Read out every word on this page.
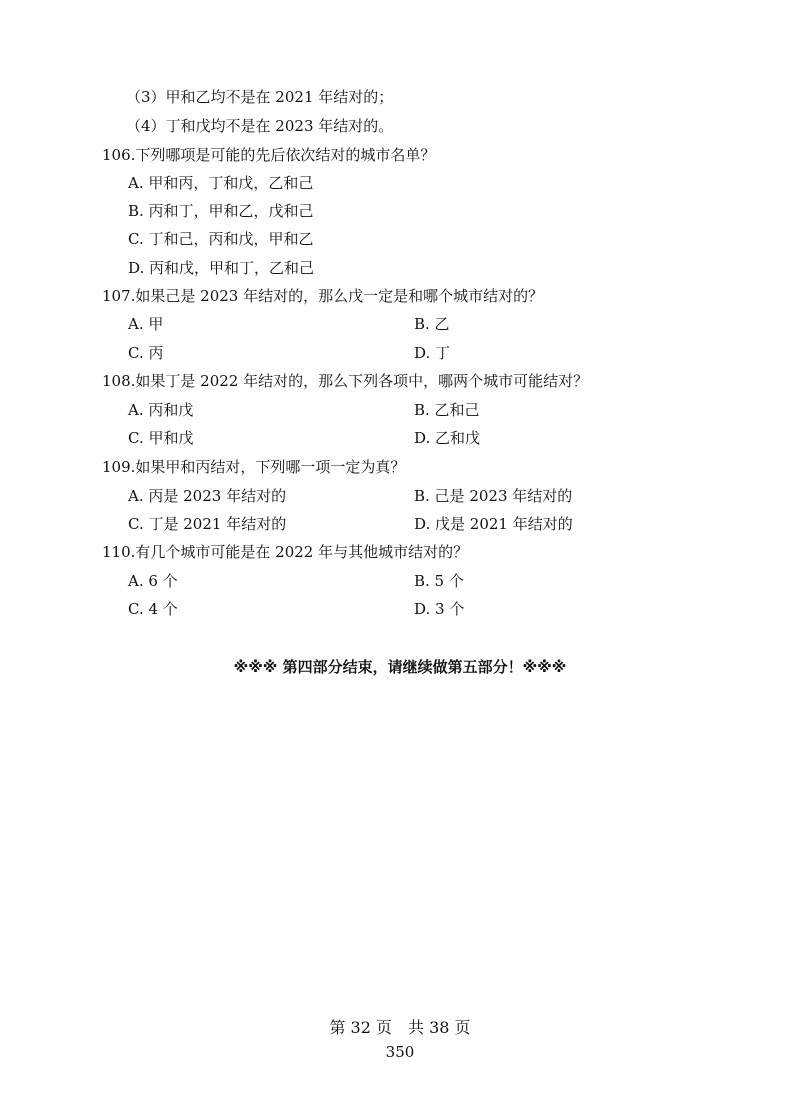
（3）甲和乙均不是在 2021 年结对的；
（4）丁和戊均不是在 2023 年结对的。
106.下列哪项是可能的先后依次结对的城市名单？
A. 甲和丙，丁和戊，乙和己
B. 丙和丁，甲和乙，戊和己
C. 丁和己，丙和戊，甲和乙
D. 丙和戊，甲和丁，乙和己
107.如果己是 2023 年结对的，那么戊一定是和哪个城市结对的？
A. 甲	B. 乙
C. 丙	D. 丁
108.如果丁是 2022 年结对的，那么下列各项中，哪两个城市可能结对？
A. 丙和戊	B. 乙和己
C. 甲和戊	D. 乙和戊
109.如果甲和丙结对，下列哪一项一定为真？
A. 丙是 2023 年结对的	B. 己是 2023 年结对的
C. 丁是 2021 年结对的	D. 戊是 2021 年结对的
110.有几个城市可能是在 2022 年与其他城市结对的？
A. 6 个	B. 5 个
C. 4 个	D. 3 个
※※※ 第四部分结束，请继续做第五部分！※※※
第 32 页　共 38 页
350
